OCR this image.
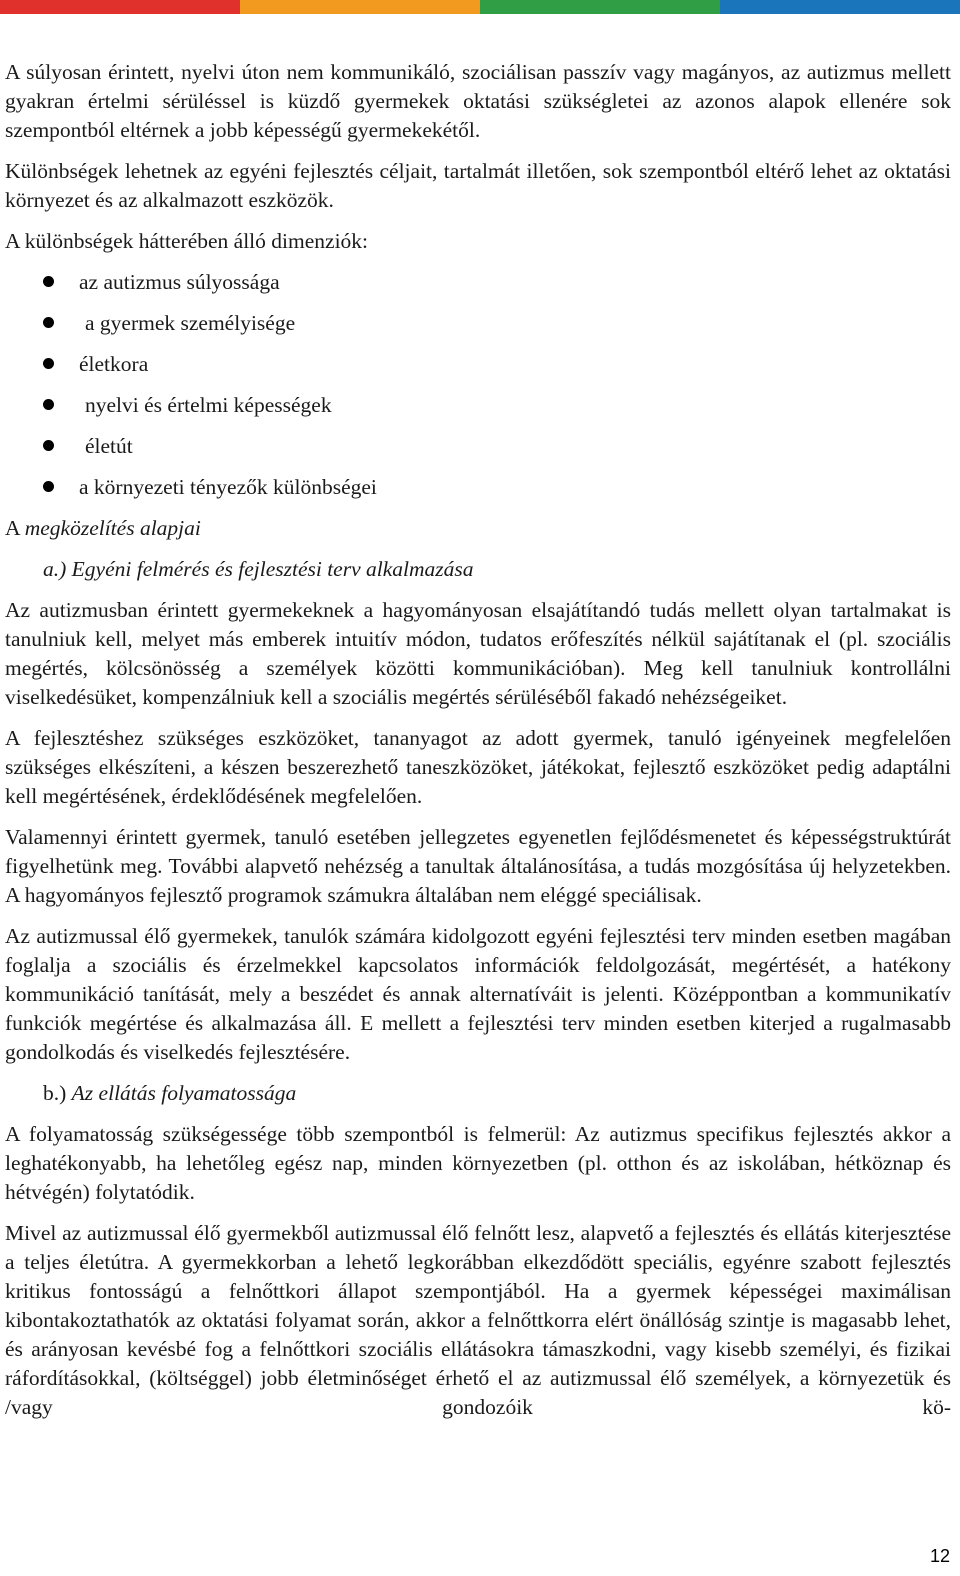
A súlyosan érintett, nyelvi úton nem kommunikáló, szociálisan passzív vagy magányos, az autizmus mellett gyakran értelmi sérüléssel is küzdő gyermekek oktatási szükségletei az azonos alapok ellenére sok szempontból eltérnek a jobb képességű gyermekekétől.

Különbségek lehetnek az egyéni fejlesztés céljait, tartalmát illetően, sok szempontból eltérő lehet az oktatási környezet és az alkalmazott eszközök.

A különbségek hátterében álló dimenziók:

az autizmus súlyossága
a gyermek személyisége
életkora
nyelvi és értelmi képességek
életút
a környezeti tényezők különbségei

A megközelítés alapjai

a.) Egyéni felmérés és fejlesztési terv alkalmazása

Az autizmusban érintett gyermekeknek a hagyományosan elsajátítandó tudás mellett olyan tartalmakat is tanulniuk kell, melyet más emberek intuitív módon, tudatos erőfeszítés nélkül sajátítanak el (pl. szociális megértés, kölcsönösség a személyek közötti kommunikációban). Meg kell tanulniuk kontrollálni viselkedésüket, kompenzálniuk kell a szociális megértés sérüléséből fakadó nehézségeiket.

A fejlesztéshez szükséges eszközöket, tananyagot az adott gyermek, tanuló igényeinek megfelelően szükséges elkészíteni, a készen beszerezhető taneszközöket, játékokat, fejlesztő eszközöket pedig adaptálni kell megértésének, érdeklődésének megfelelően.

Valamennyi érintett gyermek, tanuló esetében jellegzetes egyenetlen fejlődésmenetet és képességstruktúrát figyelhetünk meg. További alapvető nehézség a tanultak általánosítása, a tudás mozgósítása új helyzetekben. A hagyományos fejlesztő programok számukra általában nem eléggé speciálisak.

Az autizmussal élő gyermekek, tanulók számára kidolgozott egyéni fejlesztési terv minden esetben magában foglalja a szociális és érzelmekkel kapcsolatos információk feldolgozását, megértését, a hatékony kommunikáció tanítását, mely a beszédet és annak alternatíváit is jelenti. Középpontban a kommunikatív funkciók megértése és alkalmazása áll. E mellett a fejlesztési terv minden esetben kiterjed a rugalmasabb gondolkodás és viselkedés fejlesztésére.

b.) Az ellátás folyamatossága

A folyamatosság szükségessége több szempontból is felmerül: Az autizmus specifikus fejlesztés akkor a leghatékonyabb, ha lehetőleg egész nap, minden környezetben (pl. otthon és az iskolában, hétköznap és hétvégén) folytatódik.

Mivel az autizmussal élő gyermekből autizmussal élő felnőtt lesz, alapvető a fejlesztés és ellátás kiterjesztése a teljes életútra. A gyermekkorban a lehető legkorábban elkezdődött speciális, egyénre szabott fejlesztés kritikus fontosságú a felnőttkori állapot szempontjából. Ha a gyermek képességei maximálisan kibontakoztathatók az oktatási folyamat során, akkor a felnőttkorra elért önállóság szintje is magasabb lehet, és arányosan kevésbé fog a felnőttkori szociális ellátásokra támaszkodni, vagy kisebb személyi, és fizikai ráfordításokkal, (költséggel) jobb életminőséget érhető el az autizmussal élő személyek, a környezetük és /vagy gondozóik kö-

12
